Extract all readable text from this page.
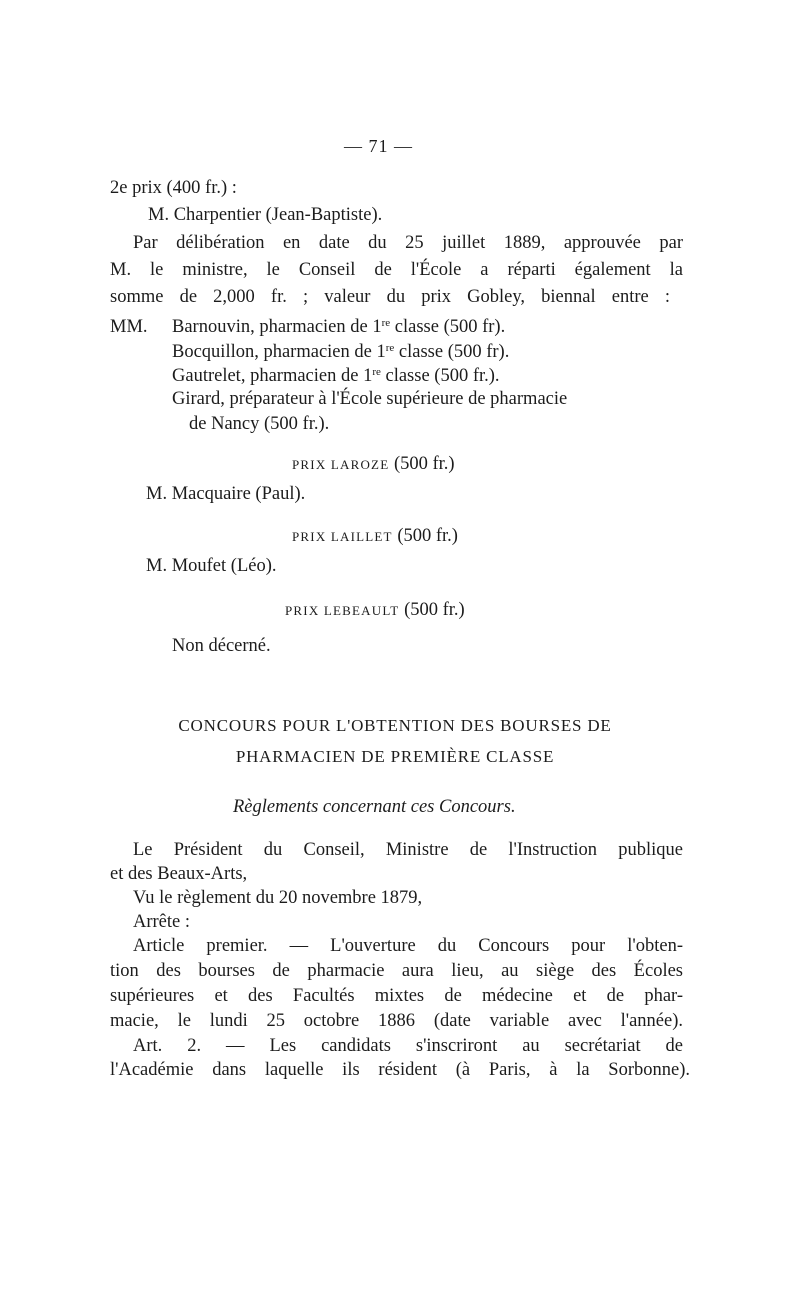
— 71 —
2e prix (400 fr.) :
M. Charpentier (Jean-Baptiste).
Par délibération en date du 25 juillet 1889, approuvée par
M. le ministre, le Conseil de l'École a réparti également la
somme de 2,000 fr. ; valeur du prix Gobley, biennal entre :
MM. Barnouvin, pharmacien de 1re classe (500 fr).
Bocquillon, pharmacien de 1re classe (500 fr).
Gautrelet, pharmacien de 1re classe (500 fr.).
Girard, préparateur à l'École supérieure de pharmacie
de Nancy (500 fr.).
PRIX LAROZE (500 fr.)
M. Macquaire (Paul).
PRIX LAILLET (500 fr.)
M. Moufet (Léo).
PRIX LEBEAULT (500 fr.)
Non décerné.
CONCOURS POUR L'OBTENTION DES BOURSES DE
PHARMACIEN DE PREMIÈRE CLASSE
Règlements concernant ces Concours.
Le Président du Conseil, Ministre de l'Instruction publique
et des Beaux-Arts,
Vu le règlement du 20 novembre 1879,
Arrête :
Article premier. — L'ouverture du Concours pour l'obten-
tion des bourses de pharmacie aura lieu, au siège des Écoles
supérieures et des Facultés mixtes de médecine et de phar-
macie, le lundi 25 octobre 1886 (date variable avec l'année).
Art. 2. — Les candidats s'inscriront au secrétariat de
l'Académie dans laquelle ils résident (à Paris, à la Sorbonne).
